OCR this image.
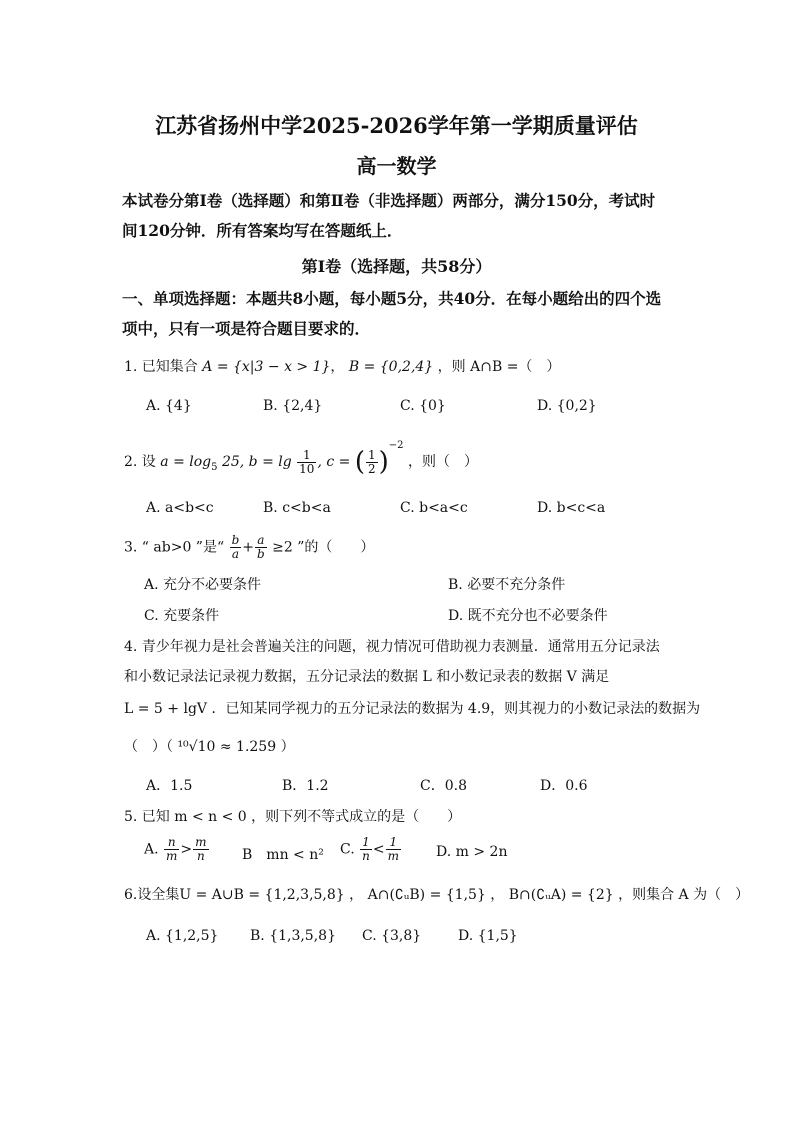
江苏省扬州中学2025-2026学年第一学期质量评估
高一数学
本试卷分第Ⅰ卷（选择题）和第Ⅱ卷（非选择题）两部分，满分150分，考试时间120分钟．所有答案均写在答题纸上．
第Ⅰ卷（选择题，共58分）
一、单项选择题：本题共8小题，每小题5分，共40分．在每小题给出的四个选项中，只有一项是符合题目要求的．
1. 已知集合 A = {x|3 − x > 1}， B = {0,2,4} ，则 A∩B =（　）
A. {4}	B. {2,4}	C. {0}	D. {0,2}
2. 设 $a = \log_5 25$, $b = \lg \frac{1}{10}$ , c = ( $\frac{1}{2} )^{-2}$ ，则（　）
A. a<b<c	B. c<b<a	C. b<a<c	D. b<c<a
3. “ ab>0 ”是“ $\frac{b}{a} + \frac{a}{b} \ge 2$ ”的（　　）
A. 充分不必要条件	B. 必要不充分条件
C. 充要条件	D. 既不充分也不必要条件
4. 青少年视力是社会普遍关注的问题，视力情况可借助视力表测量．通常用五分记录法
和小数记录法记录视力数据，五分记录法的数据 L 和小数记录表的数据 V 满足
L = 5 + lgV ．已知某同学视力的五分记录法的数据为 4.9，则其视力的小数记录法的数据为
（　）（ ¹⁰√10 ≈ 1.259 ）
A．1.5	B．1.2	C．0.8	D．0.6
5. 已知 m < n < 0 ，则下列不等式成立的是（　　）
A. $\frac{n}{m} > \frac{m}{n}$ B　mn < n² C. $\frac{1}{n} < \frac{1}{m}$	D. m > 2n
6.设全集U = A∪B = {1,2,3,5,8} ， A∩(∁ᵤB) = {1,5} ， B∩(∁ᵤA) = {2} ，则集合 A 为（　）
A. {1,2,5} B. {1,3,5,8} C. {3,8}	D. {1,5}
